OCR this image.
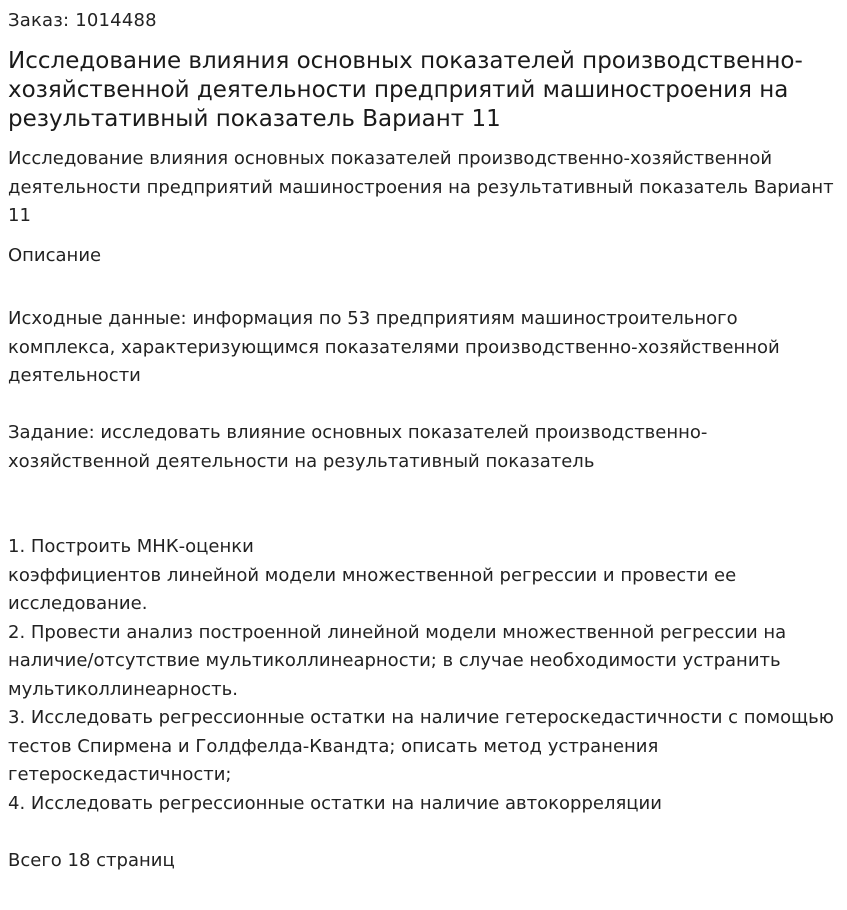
Заказ: 1014488
Исследование влияния основных показателей производственно-хозяйственной деятельности предприятий машиностроения на результативный показатель Вариант 11

Исследование влияния основных показателей производственно-хозяйственной деятельности предприятий машиностроения на результативный показатель Вариант 11

Описание

Исходные данные: информация по 53 предприятиям машиностроительного комплекса, характеризующимся показателями производственно-хозяйственной деятельности

Задание: исследовать влияние основных показателей производственно-хозяйственной деятельности на результативный показатель

1. Построить МНК-оценки

коэффициентов линейной модели множественной регрессии и провести ее исследование.

2. Провести анализ построенной линейной модели множественной регрессии на наличие/отсутствие мультиколлинеарности; в случае необходимости устранить мультиколлинеарность.

3. Исследовать регрессионные остатки на наличие гетероскедастичности с помощью тестов Спирмена и Голдфелда-Квандта; описать метод устранения гетероскедастичности;

4. Исследовать регрессионные остатки на наличие автокорреляции

Всего 18 страниц
